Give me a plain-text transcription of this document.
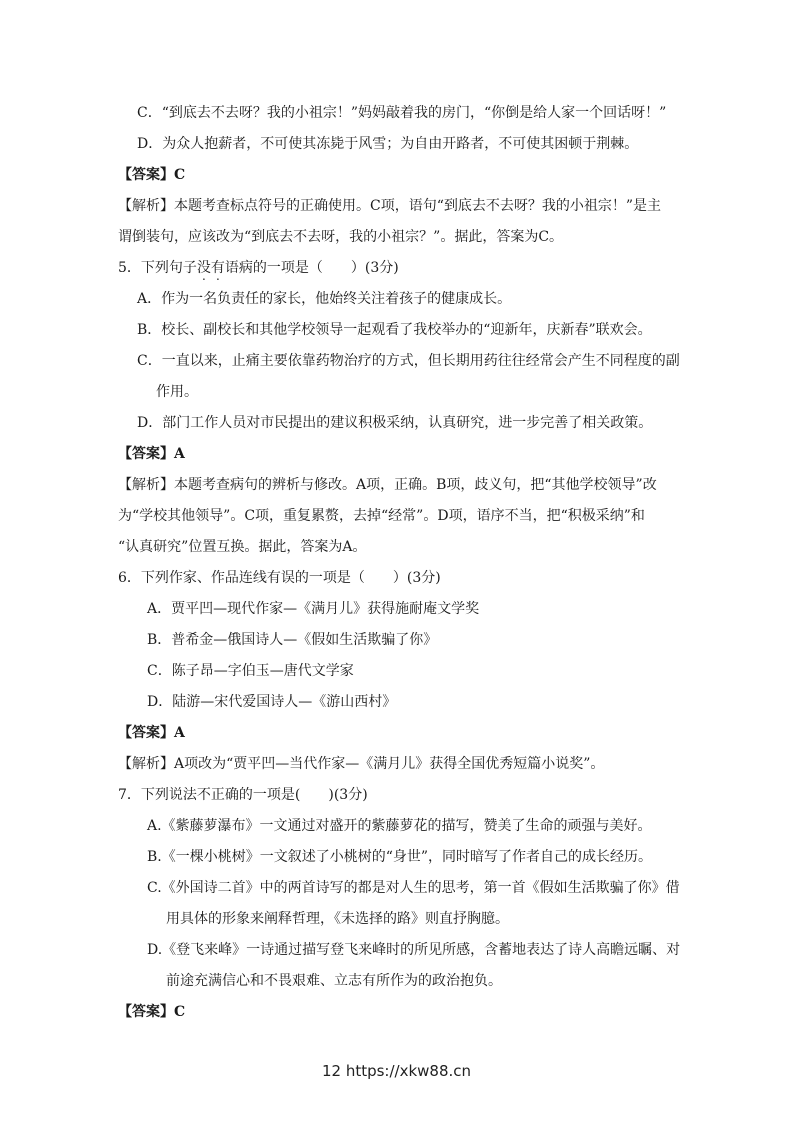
C．“到底去不去呀？我的小祖宗！”妈妈敲着我的房门，“你倒是给人家一个回话呀！”
D．为众人抱薪者，不可使其冻毙于风雪；为自由开路者，不可使其困顿于荆棘。
【答案】C
【解析】本题考查标点符号的正确使用。C项，语句“到底去不去呀？我的小祖宗！”是主
谓倒装句，应该改为“到底去不去呀，我的小祖宗？”。据此，答案为C。
5．下列句子没有语病的一项是（　　）(3分)
A．作为一名负责任的家长，他始终关注着孩子的健康成长。
B．校长、副校长和其他学校领导一起观看了我校举办的“迎新年，庆新春”联欢会。
C．一直以来，止痛主要依靠药物治疗的方式，但长期用药往往经常会产生不同程度的副
作用。
D．部门工作人员对市民提出的建议积极采纳，认真研究，进一步完善了相关政策。
【答案】A
【解析】本题考查病句的辨析与修改。A项，正确。B项，歧义句，把“其他学校领导”改
为“学校其他领导”。C项，重复累赘，去掉“经常”。D项，语序不当，把“积极采纳”和
“认真研究”位置互换。据此，答案为A。
6．下列作家、作品连线有误的一项是（　　）(3分)
A．贾平凹—现代作家—《满月儿》获得施耐庵文学奖
B．普希金—俄国诗人—《假如生活欺骗了你》
C．陈子昂—字伯玉—唐代文学家
D．陆游—宋代爱国诗人—《游山西村》
【答案】A
【解析】A项改为“贾平凹—当代作家—《满月儿》获得全国优秀短篇小说奖”。
7．下列说法不正确的一项是(　　)(3分)
A.《紫藤萝瀑布》一文通过对盛开的紫藤萝花的描写，赞美了生命的顽强与美好。
B.《一棵小桃树》一文叙述了小桃树的“身世”，同时暗写了作者自己的成长经历。
C.《外国诗二首》中的两首诗写的都是对人生的思考，第一首《假如生活欺骗了你》借
用具体的形象来阐释哲理，《未选择的路》则直抒胸臆。
D.《登飞来峰》一诗通过描写登飞来峰时的所见所感，含蓄地表达了诗人高瞻远瞩、对
前途充满信心和不畏艰难、立志有所作为的政治抱负。
【答案】C
12 https://xkw88.cn
